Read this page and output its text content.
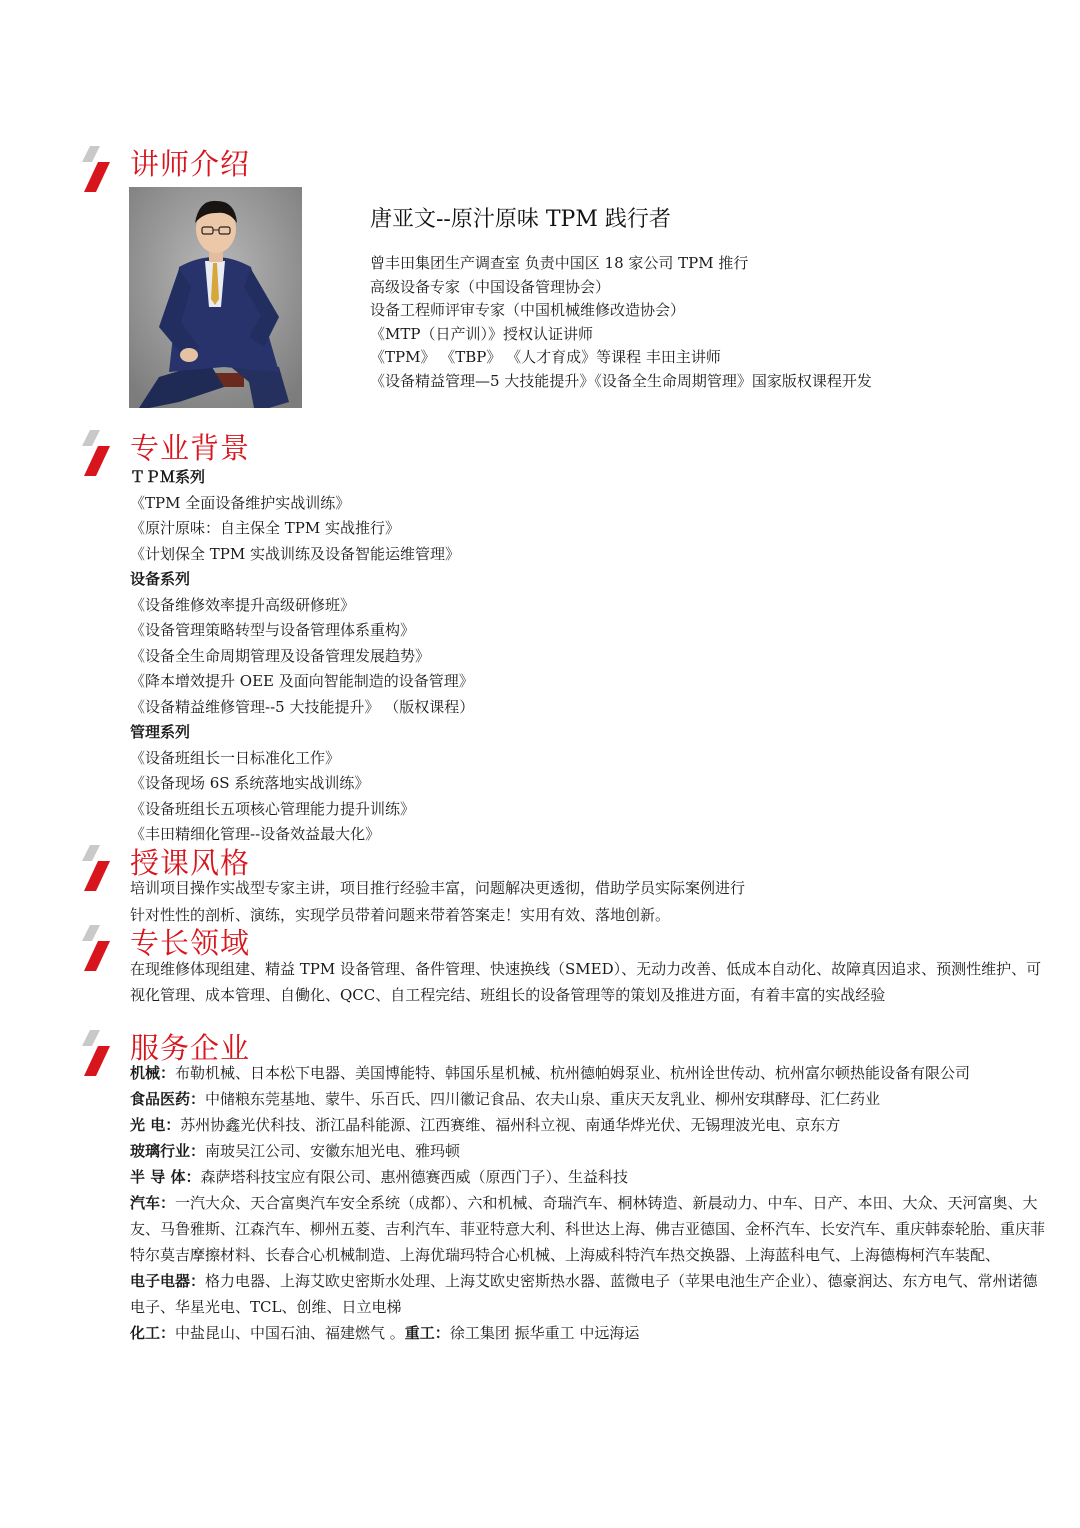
讲师介绍
唐亚文--原汁原味 TPM 践行者
曾丰田集团生产调查室 负责中国区 18 家公司 TPM 推行
高级设备专家（中国设备管理协会）
设备工程师评审专家（中国机械维修改造协会）
《MTP（日产训）》授权认证讲师
《TPM》 《TBP》 《人才育成》等课程 丰田主讲师
《设备精益管理—5 大技能提升》《设备全生命周期管理》国家版权课程开发
专业背景
ＴＰＭ系列
《TPM 全面设备维护实战训练》
《原汁原味：自主保全 TPM 实战推行》
《计划保全 TPM 实战训练及设备智能运维管理》
设备系列
《设备维修效率提升高级研修班》
《设备管理策略转型与设备管理体系重构》
《设备全生命周期管理及设备管理发展趋势》
《降本增效提升 OEE 及面向智能制造的设备管理》
《设备精益维修管理--5 大技能提升》 （版权课程）
管理系列
《设备班组长一日标准化工作》
《设备现场 6S 系统落地实战训练》
《设备班组长五项核心管理能力提升训练》
《丰田精细化管理--设备效益最大化》
授课风格
培训项目操作实战型专家主讲，项目推行经验丰富，问题解决更透彻，借助学员实际案例进行
针对性性的剖析、演练，实现学员带着问题来带着答案走！实用有效、落地创新。
专长领域
在现维修体现组建、精益 TPM 设备管理、备件管理、快速换线（SMED）、无动力改善、低成本自动化、故障真因追求、预测性维护、可视化管理、成本管理、自働化、QCC、自工程完结、班组长的设备管理等的策划及推进方面，有着丰富的实战经验
服务企业

机械：布勒机械、日本松下电器、美国博能特、韩国乐星机械、杭州德帕姆泵业、杭州诠世传动、杭州富尔顿热能设备有限公司

食品医药：中储粮东莞基地、蒙牛、乐百氏、四川徽记食品、农夫山泉、重庆天友乳业、柳州安琪酵母、汇仁药业

光 电：苏州协鑫光伏科技、浙江晶科能源、江西赛维、福州科立视、南通华烨光伏、无锡理波光电、京东方

玻璃行业：南玻吴江公司、安徽东旭光电、雅玛顿

半 导 体：森萨塔科技宝应有限公司、惠州德赛西威（原西门子）、生益科技

汽车：一汽大众、天合富奥汽车安全系统（成都）、六和机械、奇瑞汽车、桐林铸造、新晨动力、中车、日产、本田、大众、天河富奥、大友、马鲁雅斯、江森汽车、柳州五菱、吉利汽车、菲亚特意大利、科世达上海、佛吉亚德国、金杯汽车、长安汽车、重庆韩泰轮胎、重庆菲特尔莫吉摩擦材料、长春合心机械制造、上海优瑞玛特合心机械、上海威科特汽车热交换器、上海蓝科电气、上海德梅柯汽车装配、

电子电器：格力电器、上海艾欧史密斯水处理、上海艾欧史密斯热水器、蓝微电子（苹果电池生产企业）、德豪润达、东方电气、常州诺德电子、华星光电、TCL、创维、日立电梯

化工：中盐昆山、中国石油、福建燃气 。重工：徐工集团 振华重工 中远海运
